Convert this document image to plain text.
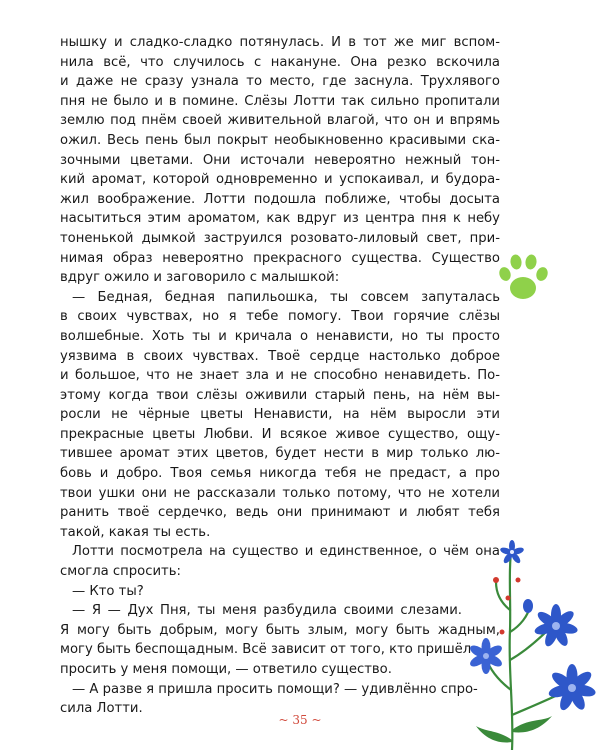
нышку и сладко-сладко потянулась. И в тот же миг вспом-
нила всё, что случилось с накануне. Она резко вскочила
и даже не сразу узнала то место, где заснула. Трухлявого
пня не было и в помине. Слёзы Лотти так сильно пропитали
землю под пнём своей живительной влагой, что он и впрямь
ожил. Весь пень был покрыт необыкновенно красивыми ска-
зочными цветами. Они источали невероятно нежный тон-
кий аромат, которой одновременно и успокаивал, и будора-
жил воображение. Лотти подошла поближе, чтобы досыта
насытиться этим ароматом, как вдруг из центра пня к небу
тоненькой дымкой заструился розовато-лиловый свет, при-
нимая образ невероятно прекрасного существа. Существо
вдруг ожило и заговорило с малышкой:
— Бедная, бедная папильошка, ты совсем запуталась
в своих чувствах, но я тебе помогу. Твои горячие слёзы
волшебные. Хоть ты и кричала о ненависти, но ты просто
уязвима в своих чувствах. Твоё сердце настолько доброе
и большое, что не знает зла и не способно ненавидеть. По-
этому когда твои слёзы оживили старый пень, на нём вы-
росли не чёрные цветы Ненависти, на нём выросли эти
прекрасные цветы Любви. И всякое живое существо, ощу-
тившее аромат этих цветов, будет нести в мир только лю-
бовь и добро. Твоя семья никогда тебя не предаст, а про
твои ушки они не рассказали только потому, что не хотели
ранить твоё сердечко, ведь они принимают и любят тебя
такой, какая ты есть.
Лотти посмотрела на существо и единственное, о чём она
смогла спросить:
— Кто ты?
— Я — Дух Пня, ты меня разбудила своими слезами.
Я могу быть добрым, могу быть злым, могу быть жадным,
могу быть беспощадным. Всё зависит от того, кто пришёл
просить у меня помощи, — ответило существо.
— А разве я пришла просить помощи? — удивлённо спро-
сила Лотти.
~ 35 ~
